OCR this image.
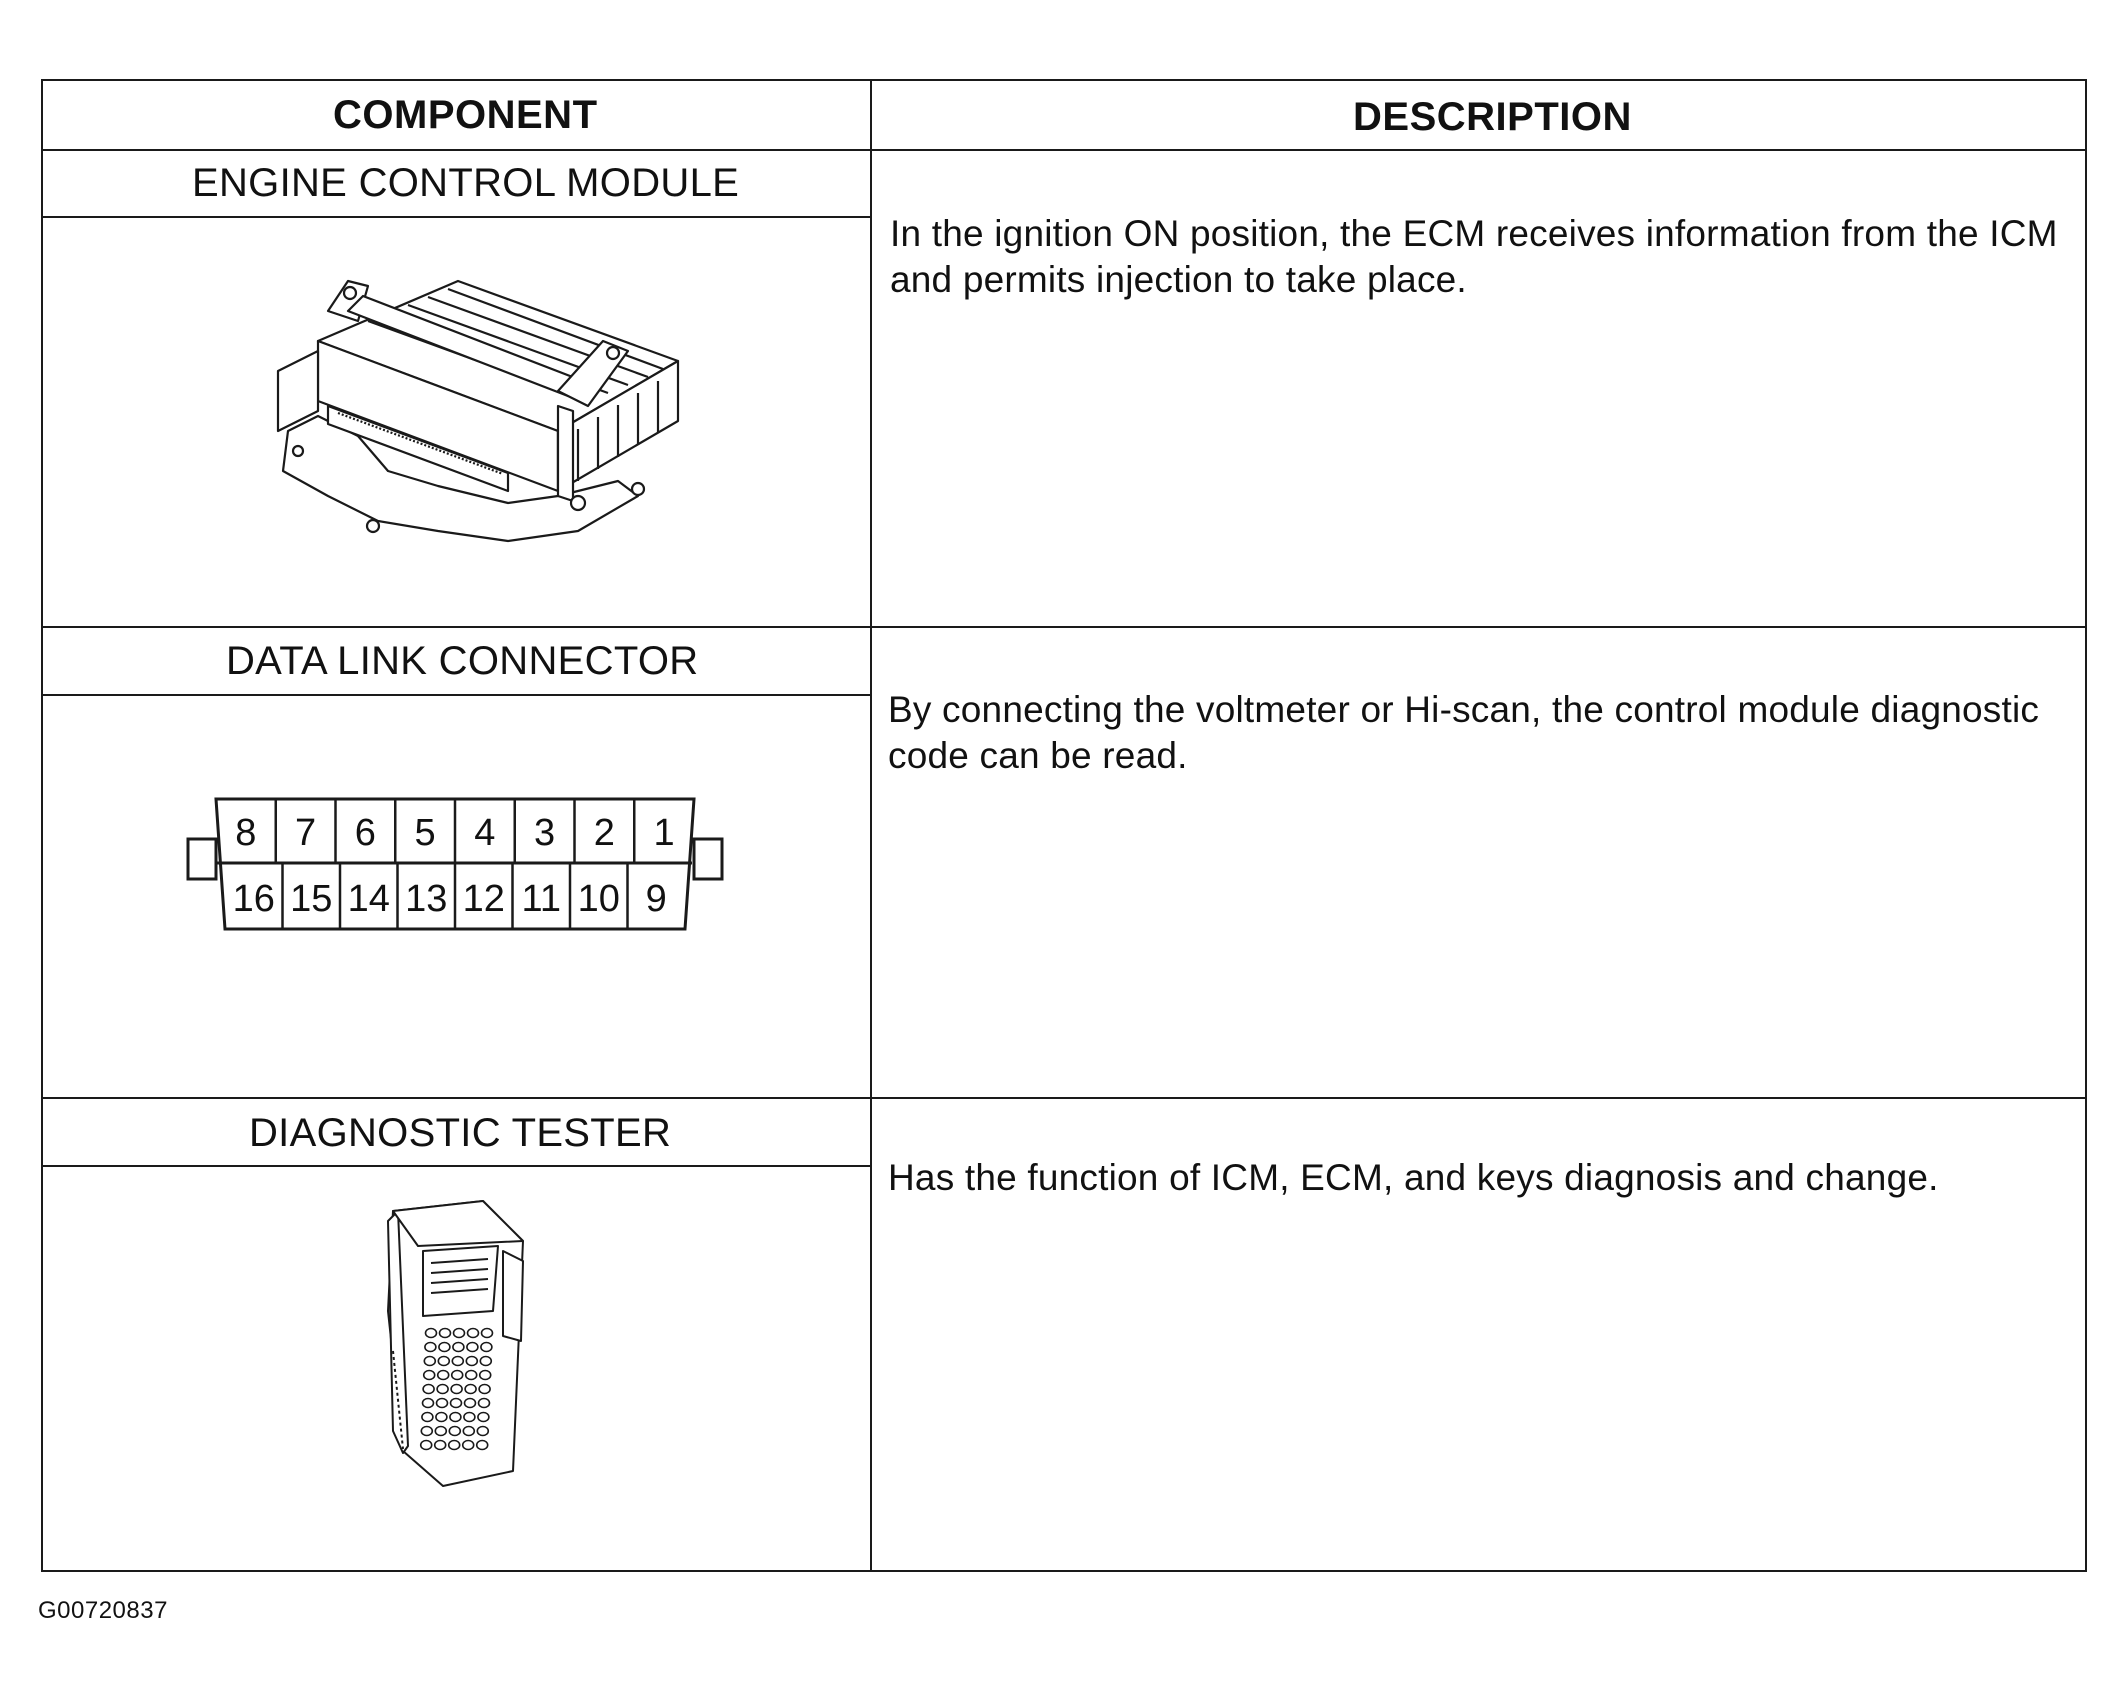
COMPONENT	DESCRIPTION
ENGINE CONTROL MODULE
In the ignition ON position, the ECM receives information from the ICM and permits injection to take place.
DATA LINK CONNECTOR
By connecting the voltmeter or Hi-scan, the control module diagnostic code can be read.
DIAGNOSTIC TESTER
Has the function of ICM, ECM, and keys diagnosis and change.
8
16
7
15
6
14
5
13
4
12
3
11
2
10
1
9
G00720837
